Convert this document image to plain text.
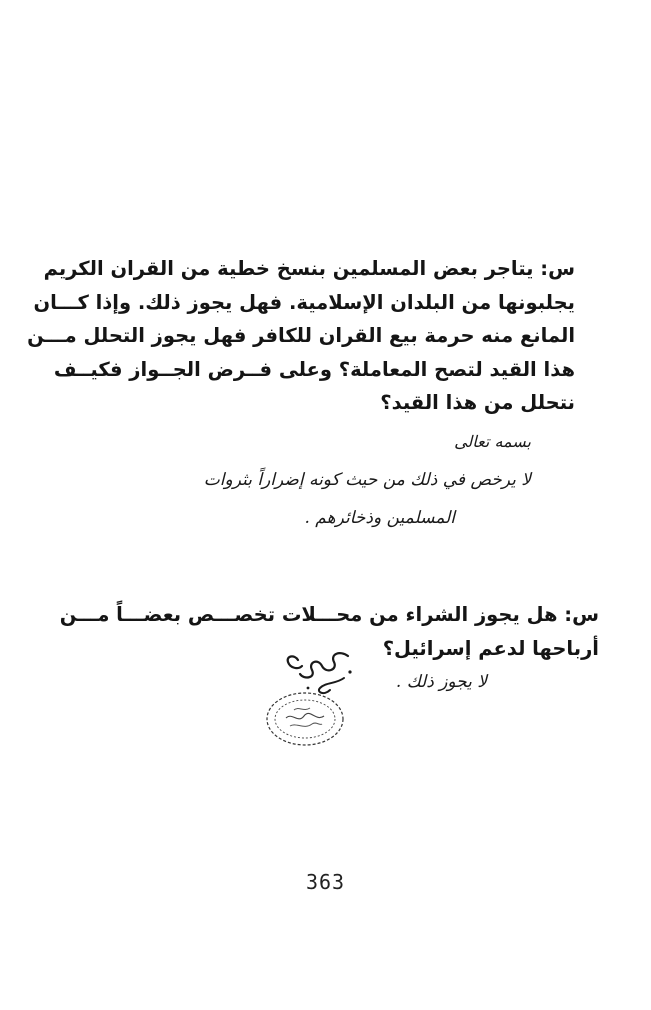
س: يتاجر بعض المسلمين بنسخ خطية من القران الكريم
يجلبونها من البلدان الإسلامية. فهل يجوز ذلك. وإذا كـــان
المانع منه حرمة بيع القران للكافر فهل يجوز التحلل مـــن
هذا القيد لتصح المعاملة؟ وعلى فــرض الجــواز فكيــف
نتحلل من هذا القيد؟
بسمه تعالى
لا يرخص في ذلك من حيث كونه إضراراً بثروات
المسلمين وذخائرهم .
س: هل يجوز الشراء من محـــلات تخصـــص بعضـــاً مـــن
أرباحها لدعم إسرائيل؟
لا يجوز ذلك .
363
